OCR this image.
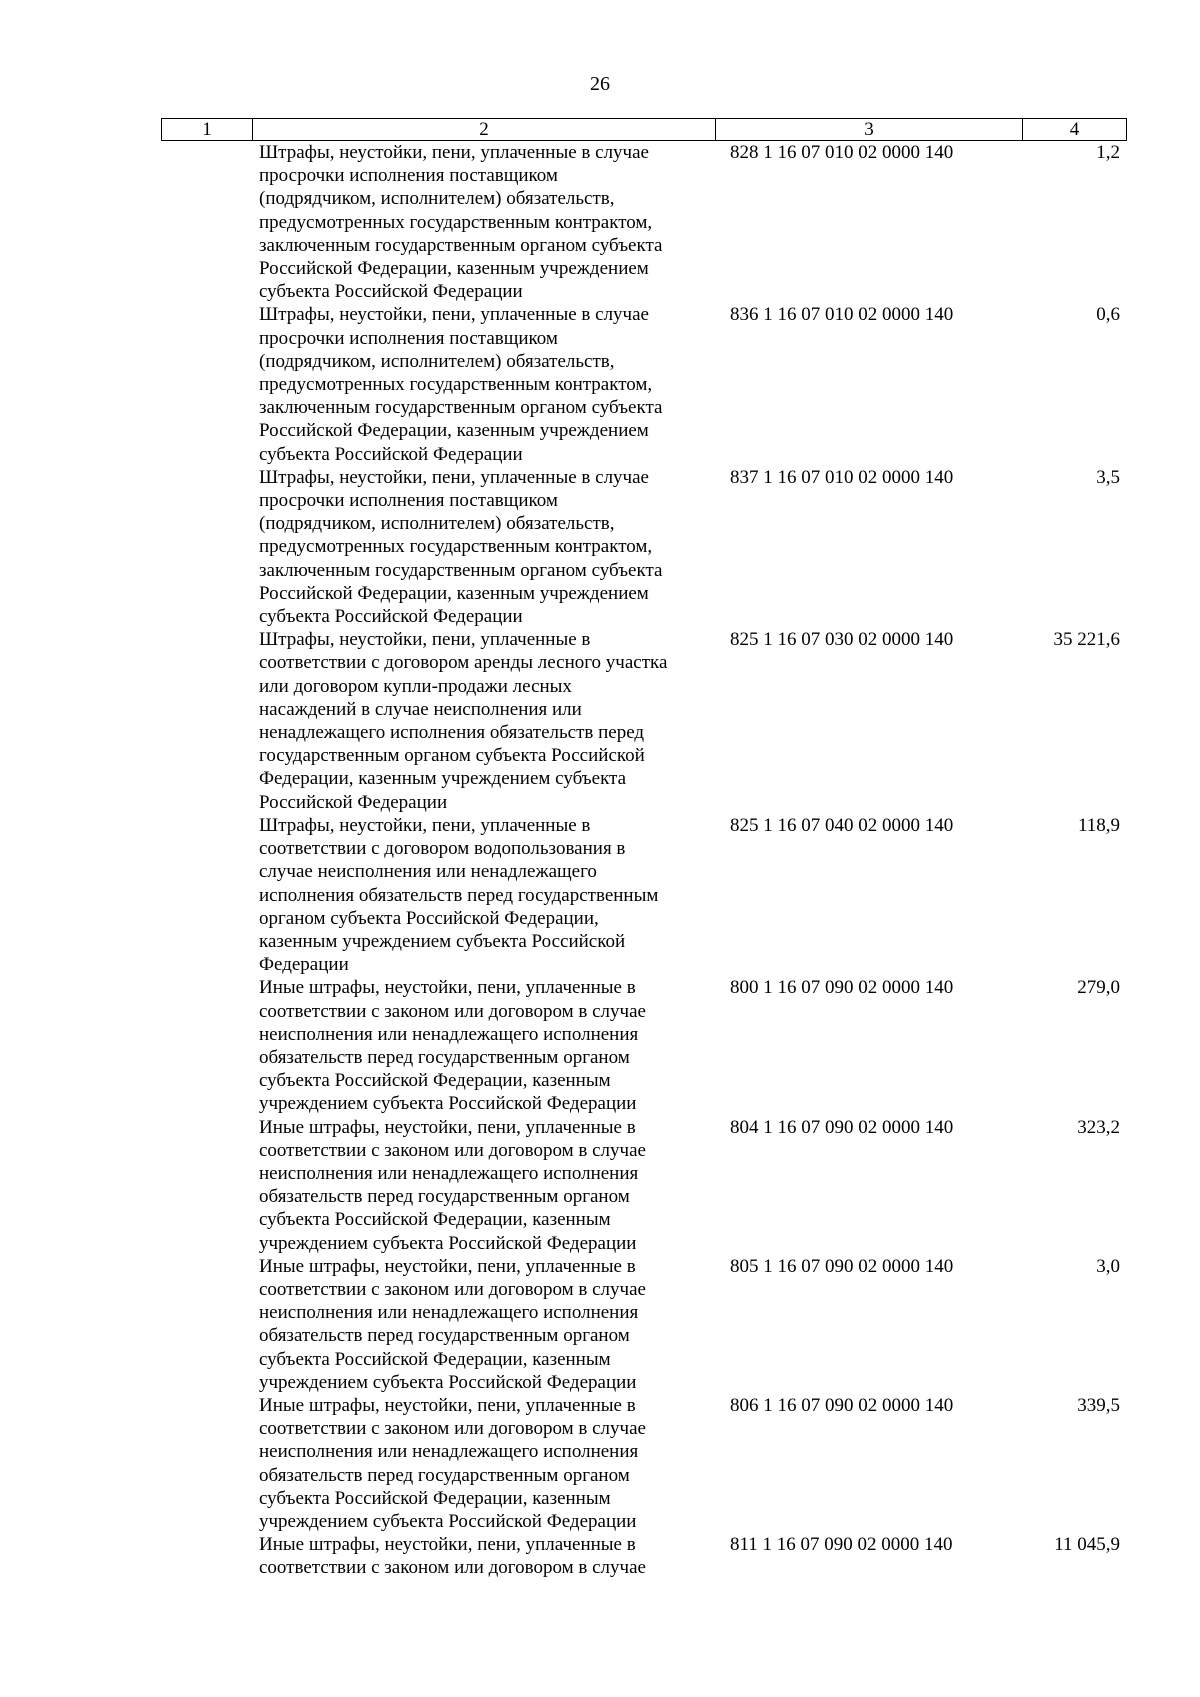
26
1	2	3	4
Штрафы, неустойки, пени, уплаченные в случае
просрочки исполнения поставщиком
(подрядчиком, исполнителем) обязательств,
предусмотренных государственным контрактом,
заключенным государственным органом субъекта
Российской Федерации, казенным учреждением
субъекта Российской Федерации
828 1 16 07 010 02 0000 140	1,2
Штрафы, неустойки, пени, уплаченные в случае
просрочки исполнения поставщиком
(подрядчиком, исполнителем) обязательств,
предусмотренных государственным контрактом,
заключенным государственным органом субъекта
Российской Федерации, казенным учреждением
субъекта Российской Федерации
836 1 16 07 010 02 0000 140	0,6
Штрафы, неустойки, пени, уплаченные в случае
просрочки исполнения поставщиком
(подрядчиком, исполнителем) обязательств,
предусмотренных государственным контрактом,
заключенным государственным органом субъекта
Российской Федерации, казенным учреждением
субъекта Российской Федерации
837 1 16 07 010 02 0000 140	3,5
Штрафы, неустойки, пени, уплаченные в
соответствии с договором аренды лесного участка
или договором купли-продажи лесных
насаждений в случае неисполнения или
ненадлежащего исполнения обязательств перед
государственным органом субъекта Российской
Федерации, казенным учреждением субъекта
Российской Федерации
825 1 16 07 030 02 0000 140	35 221,6
Штрафы, неустойки, пени, уплаченные в
соответствии с договором водопользования в
случае неисполнения или ненадлежащего
исполнения обязательств перед государственным
органом субъекта Российской Федерации,
казенным учреждением субъекта Российской
Федерации
825 1 16 07 040 02 0000 140	118,9
Иные штрафы, неустойки, пени, уплаченные в
соответствии с законом или договором в случае
неисполнения или ненадлежащего исполнения
обязательств перед государственным органом
субъекта Российской Федерации, казенным
учреждением субъекта Российской Федерации
800 1 16 07 090 02 0000 140	279,0
Иные штрафы, неустойки, пени, уплаченные в
соответствии с законом или договором в случае
неисполнения или ненадлежащего исполнения
обязательств перед государственным органом
субъекта Российской Федерации, казенным
учреждением субъекта Российской Федерации
804 1 16 07 090 02 0000 140	323,2
Иные штрафы, неустойки, пени, уплаченные в
соответствии с законом или договором в случае
неисполнения или ненадлежащего исполнения
обязательств перед государственным органом
субъекта Российской Федерации, казенным
учреждением субъекта Российской Федерации
805 1 16 07 090 02 0000 140	3,0
Иные штрафы, неустойки, пени, уплаченные в
соответствии с законом или договором в случае
неисполнения или ненадлежащего исполнения
обязательств перед государственным органом
субъекта Российской Федерации, казенным
учреждением субъекта Российской Федерации
806 1 16 07 090 02 0000 140	339,5
Иные штрафы, неустойки, пени, уплаченные в
соответствии с законом или договором в случае
811 1 16 07 090 02 0000 140	11 045,9
